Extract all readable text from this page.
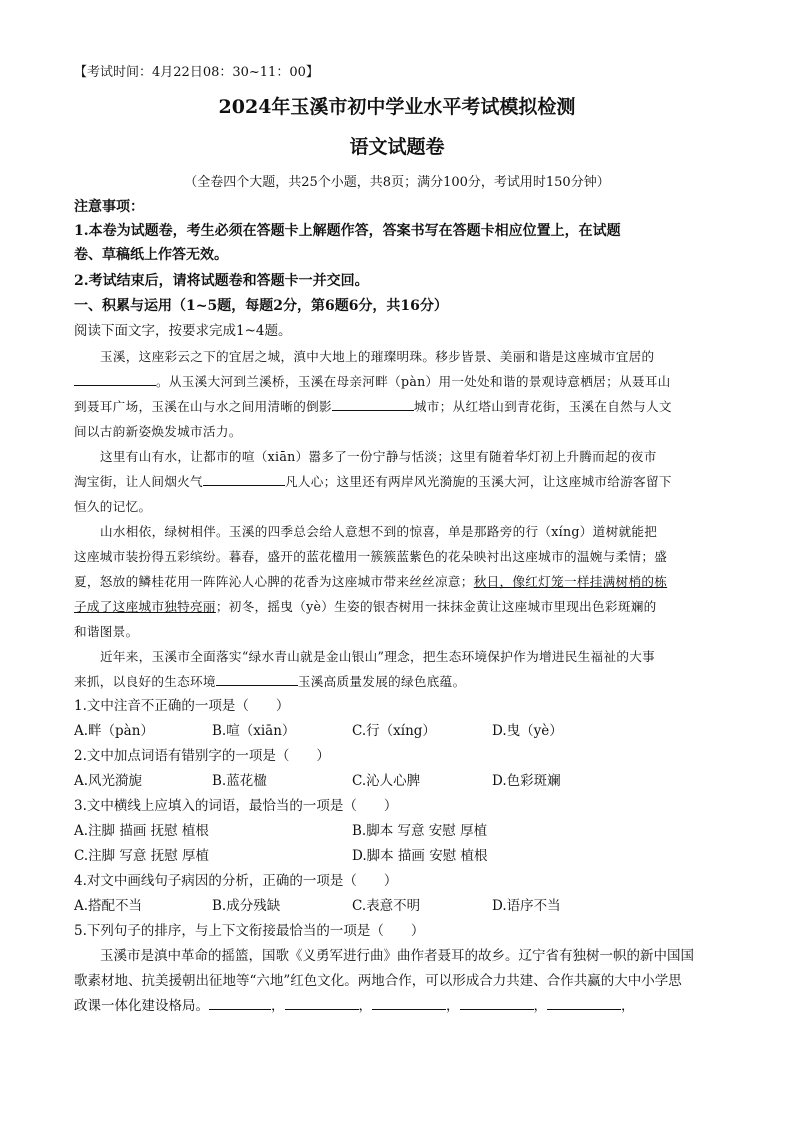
【考试时间：4月22日08：30~11：00】
2024年玉溪市初中学业水平考试模拟检测
语文试题卷
（全卷四个大题，共25个小题，共8页；满分100分，考试用时150分钟）
注意事项：
1.本卷为试题卷，考生必须在答题卡上解题作答，答案书写在答题卡相应位置上，在试题
卷、草稿纸上作答无效。
2.考试结束后，请将试题卷和答题卡一并交回。
一、积累与运用（1~5题，每题2分，第6题6分，共16分）
阅读下面文字，按要求完成1~4题。
玉溪，这座彩云之下的宜居之城，滇中大地上的璀璨明珠。移步皆景、美丽和谐是这座城市宜居的
。从玉溪大河到兰溪桥，玉溪在母亲河畔（pàn）用一处处和谐的景观诗意栖居；从聂耳山
到聂耳广场，玉溪在山与水之间用清晰的倒影	城市；从红塔山到青花街，玉溪在自然与人文
间以古韵新姿焕发城市活力。
这里有山有水，让都市的喧（xiān）嚣多了一份宁静与恬淡；这里有随着华灯初上升腾而起的夜市
淘宝街，让人间烟火气	凡人心；这里还有两岸风光漪旎的玉溪大河，让这座城市给游客留下
恒久的记忆。
山水相依，绿树相伴。玉溪的四季总会给人意想不到的惊喜，单是那路旁的行（xíng）道树就能把
这座城市装扮得五彩缤纷。暮春，盛开的蓝花楹用一簇簇蓝紫色的花朵映衬出这座城市的温婉与柔情；盛
夏，怒放的鳞桂花用一阵阵沁人心脾的花香为这座城市带来丝丝凉意；秋日，像红灯笼一样挂满树梢的栋
子成了这座城市独特亮丽；初冬，摇曳（yè）生姿的银杏树用一抹抹金黄让这座城市里现出色彩斑斓的
和谐图景。
近年来，玉溪市全面落实“绿水青山就是金山银山”理念，把生态环境保护作为增进民生福祉的大事
来抓，以良好的生态环境	玉溪高质量发展的绿色底蕴。
1.文中注音不正确的一项是（　　）
A.畔（pàn）	B.喧（xiān）	C.行（xíng）	D.曳（yè）
2.文中加点词语有错别字的一项是（　　）
A.风光漪旎	B.蓝花楹	C.沁人心脾	D.色彩斑斓
3.文中横线上应填入的词语，最恰当的一项是（　　）
A.注脚 描画 抚慰 植根	B.脚本 写意 安慰 厚植
C.注脚 写意 抚慰 厚植	D.脚本 描画 安慰 植根
4.对文中画线句子病因的分析，正确的一项是（　　）
A.搭配不当	B.成分残缺	C.表意不明	D.语序不当
5.下列句子的排序，与上下文衔接最恰当的一项是（　　）
玉溪市是滇中革命的摇篮，国歌《义勇军进行曲》曲作者聂耳的故乡。辽宁省有独树一帜的新中国国
歌素材地、抗美援朝出征地等“六地”红色文化。两地合作，可以形成合力共建、合作共赢的大中小学思
政课一体化建设格局。	，	，	，	，	，
